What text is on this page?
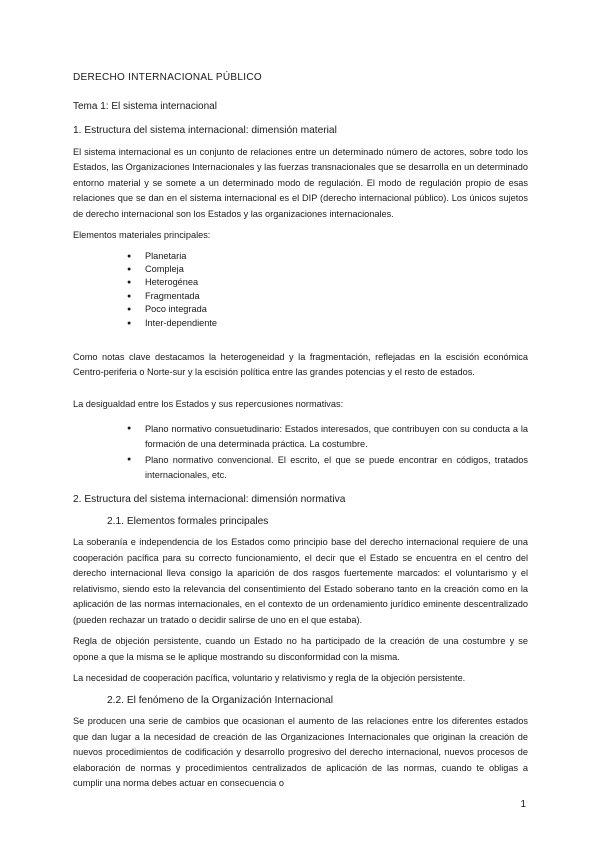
DERECHO INTERNACIONAL PÚBLICO
Tema 1: El sistema internacional
1. Estructura del sistema internacional: dimensión material

El sistema internacional es un conjunto de relaciones entre un determinado número de actores, sobre todo los Estados, las Organizaciones Internacionales y las fuerzas transnacionales que se desarrolla en un determinado entorno material y se somete a un determinado modo de regulación. El modo de regulación propio de esas relaciones que se dan en el sistema internacional es el DIP (derecho internacional público). Los únicos sujetos de derecho internacional son los Estados y las organizaciones internacionales.

Elementos materiales principales:

● Planetaria
● Compleja
● Heterogénea
● Fragmentada
● Poco integrada
● Inter-dependiente

Como notas clave destacamos la heterogeneidad y la fragmentación, reflejadas en la escisión económica Centro-periferia o Norte-sur y la escisión política entre las grandes potencias y el resto de estados.

La desigualdad entre los Estados y sus repercusiones normativas:

● Plano normativo consuetudinario: Estados interesados, que contribuyen con su conducta a la formación de una determinada práctica. La costumbre.
● Plano normativo convencional. El escrito, el que se puede encontrar en códigos, tratados internacionales, etc.
2. Estructura del sistema internacional: dimensión normativa
2.1. Elementos formales principales

La soberanía e independencia de los Estados como principio base del derecho internacional requiere de una cooperación pacífica para su correcto funcionamiento, el decir que el Estado se encuentra en el centro del derecho internacional lleva consigo la aparición de dos rasgos fuertemente marcados: el voluntarismo y el relativismo, siendo esto la relevancia del consentimiento del Estado soberano tanto en la creación como en la aplicación de las normas internacionales, en el contexto de un ordenamiento jurídico eminente descentralizado (pueden rechazar un tratado o decidir salirse de uno en el que estaba).

Regla de objeción persistente, cuando un Estado no ha participado de la creación de una costumbre y se opone a que la misma se le aplique mostrando su disconformidad con la misma.

La necesidad de cooperación pacífica, voluntario y relativismo y regla de la objeción persistente.

2.2. El fenómeno de la Organización Internacional

Se producen una serie de cambios que ocasionan el aumento de las relaciones entre los diferentes estados que dan lugar a la necesidad de creación de las Organizaciones Internacionales que originan la creación de nuevos procedimientos de codificación y desarrollo progresivo del derecho internacional, nuevos procesos de elaboración de normas y procedimientos centralizados de aplicación de las normas, cuando te obligas a cumplir una norma debes actuar en consecuencia o

1
